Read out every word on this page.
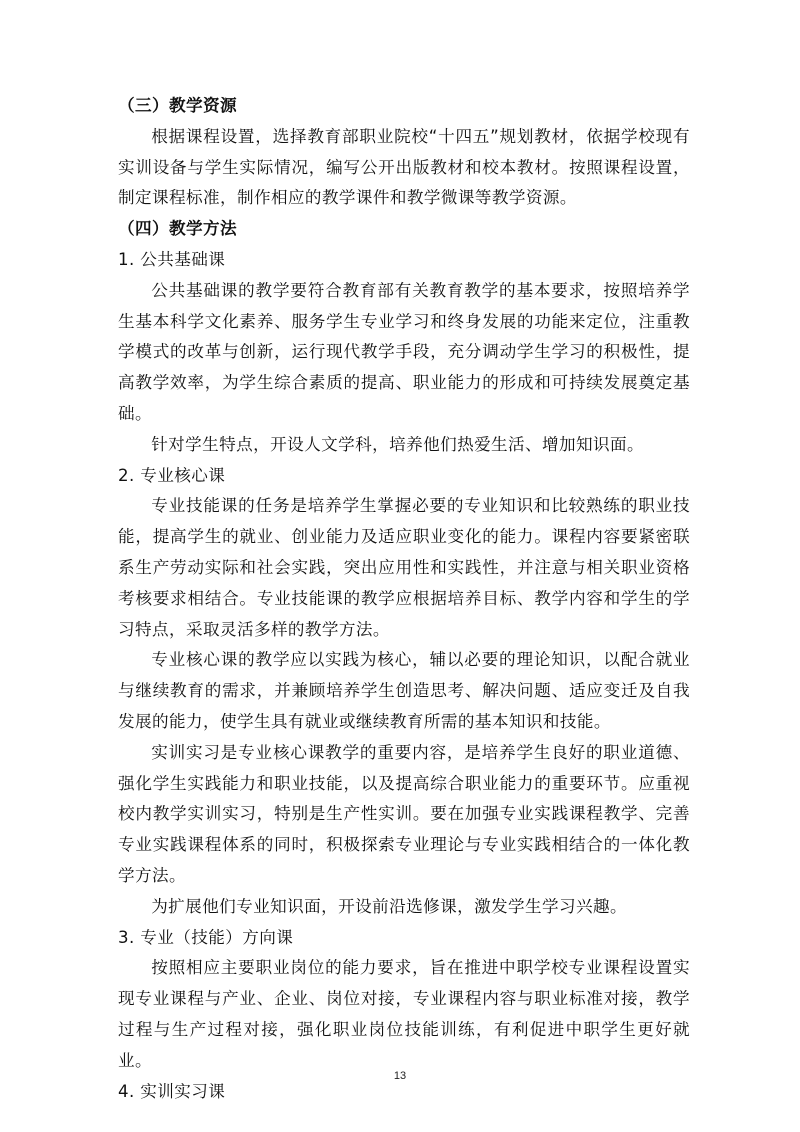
（三）教学资源

根据课程设置，选择教育部职业院校“十四五”规划教材，依据学校现有实训设备与学生实际情况，编写公开出版教材和校本教材。按照课程设置，制定课程标准，制作相应的教学课件和教学微课等教学资源。

（四）教学方法

1. 公共基础课

公共基础课的教学要符合教育部有关教育教学的基本要求，按照培养学生基本科学文化素养、服务学生专业学习和终身发展的功能来定位，注重教学模式的改革与创新，运行现代教学手段，充分调动学生学习的积极性，提高教学效率，为学生综合素质的提高、职业能力的形成和可持续发展奠定基础。

针对学生特点，开设人文学科，培养他们热爱生活、增加知识面。

2. 专业核心课

专业技能课的任务是培养学生掌握必要的专业知识和比较熟练的职业技能，提高学生的就业、创业能力及适应职业变化的能力。课程内容要紧密联系生产劳动实际和社会实践，突出应用性和实践性，并注意与相关职业资格考核要求相结合。专业技能课的教学应根据培养目标、教学内容和学生的学习特点，采取灵活多样的教学方法。

专业核心课的教学应以实践为核心，辅以必要的理论知识，以配合就业与继续教育的需求，并兼顾培养学生创造思考、解决问题、适应变迁及自我发展的能力，使学生具有就业或继续教育所需的基本知识和技能。

实训实习是专业核心课教学的重要内容，是培养学生良好的职业道德、强化学生实践能力和职业技能，以及提高综合职业能力的重要环节。应重视校内教学实训实习，特别是生产性实训。要在加强专业实践课程教学、完善专业实践课程体系的同时，积极探索专业理论与专业实践相结合的一体化教学方法。

为扩展他们专业知识面，开设前沿选修课，激发学生学习兴趣。

3. 专业（技能）方向课

按照相应主要职业岗位的能力要求，旨在推进中职学校专业课程设置实现专业课程与产业、企业、岗位对接，专业课程内容与职业标准对接，教学过程与生产过程对接，强化职业岗位技能训练，有利促进中职学生更好就业。

4. 实训实习课

13
